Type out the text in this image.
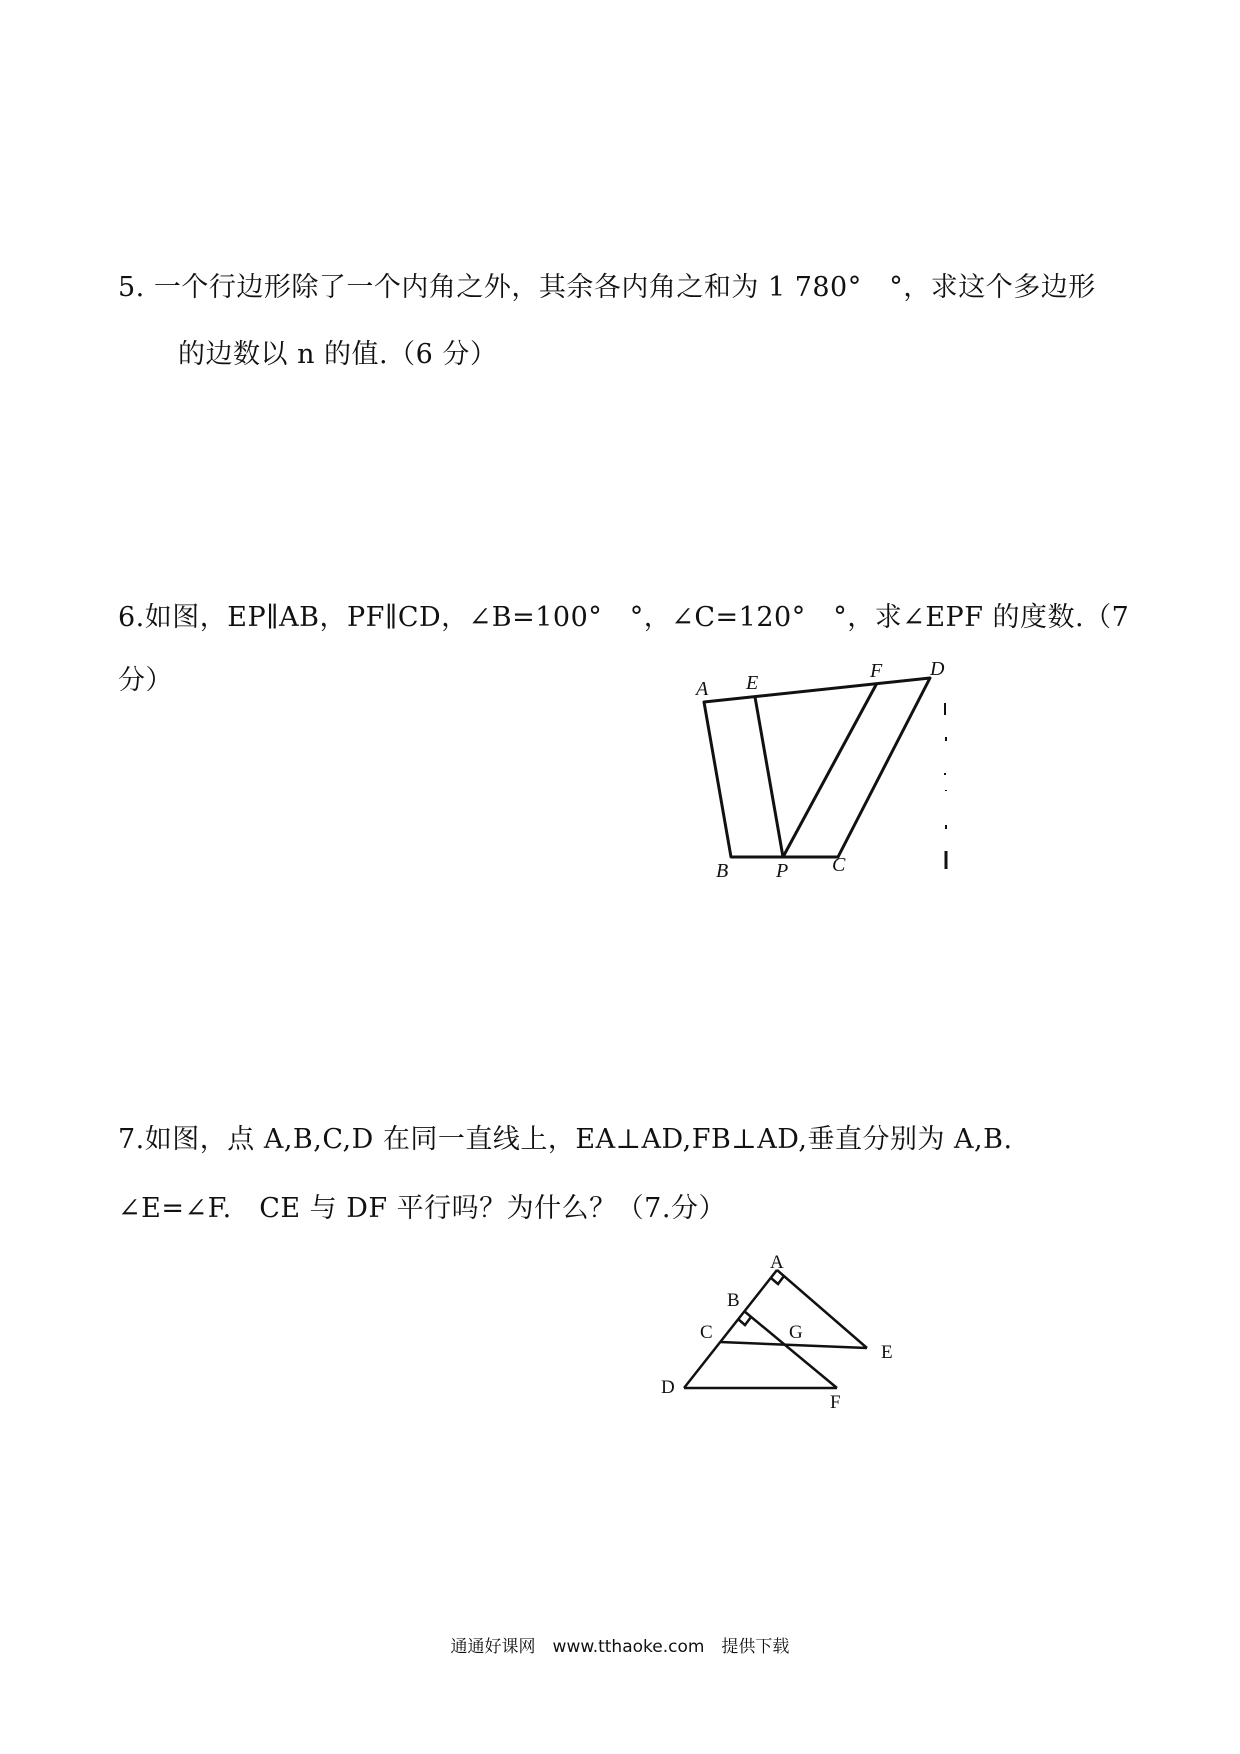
5. 一个行边形除了一个内角之外，其余各内角之和为 1 780°　°，求这个多边形
的边数以 n 的值.（6 分）
6.如图，EP∥AB，PF∥CD，∠B=100°　°，∠C=120°　°，求∠EPF 的度数.（7
分）	A E
F D
B P C
7.如图，点 A,B,C,D 在同一直线上，EA⊥AD,FB⊥AD,垂直分别为 A,B.
∠E=∠F.　CE 与 DF 平行吗？为什么？（7.分）
A
B
C	G
E
D
F
通通好课网　www.tthaoke.com　提供下载
